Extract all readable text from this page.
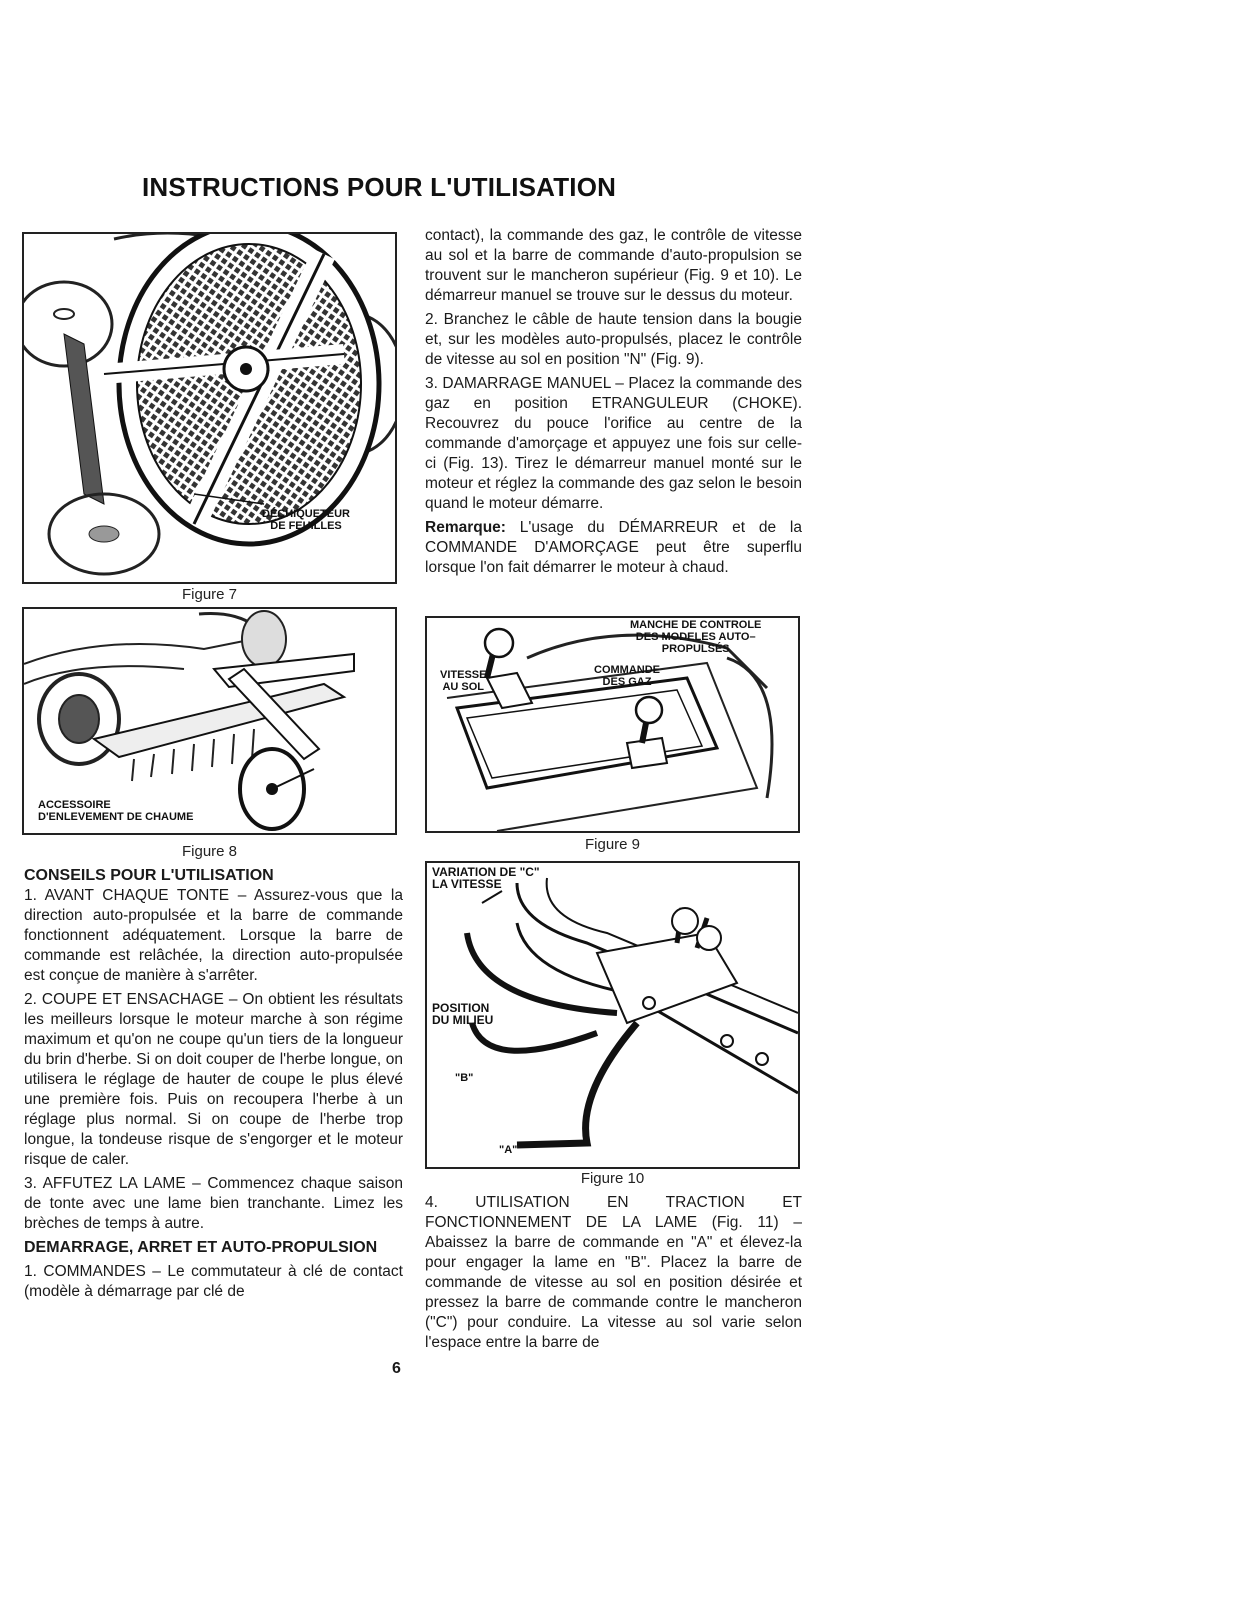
INSTRUCTIONS POUR L'UTILISATION
DÉCHIQUETEUR
DE FEUILLES
Figure 7
ACCESSOIRE
D'ENLEVEMENT DE CHAUME
Figure 8
CONSEILS POUR L'UTILISATION

1. AVANT CHAQUE TONTE – Assurez-vous que la direction auto-propulsée et la barre de commande fonctionnent adéquatement. Lorsque la barre de commande est relâchée, la direction auto-propulsée est conçue de manière à s'arrêter.

2. COUPE ET ENSACHAGE – On obtient les résultats les meilleurs lorsque le moteur marche à son régime maximum et qu'on ne coupe qu'un tiers de la longueur du brin d'herbe. Si on doit couper de l'herbe longue, on utilisera le réglage de hauter de coupe le plus élevé une première fois. Puis on recoupera l'herbe à un réglage plus normal. Si on coupe de l'herbe trop longue, la tondeuse risque de s'engorger et le moteur risque de caler.

3. AFFUTEZ LA LAME – Commencez chaque saison de tonte avec une lame bien tranchante. Limez les brèches de temps à autre.

DEMARRAGE, ARRET ET AUTO-PROPULSION

1. COMMANDES – Le commutateur à clé de contact (modèle à démarrage par clé de

6

contact), la commande des gaz, le contrôle de vitesse au sol et la barre de commande d'auto-propulsion se trouvent sur le mancheron supérieur (Fig. 9 et 10). Le démarreur manuel se trouve sur le dessus du moteur.

2. Branchez le câble de haute tension dans la bougie et, sur les modèles auto-propulsés, placez le contrôle de vitesse au sol en position "N" (Fig. 9).

3. DAMARRAGE MANUEL – Placez la commande des gaz en position ETRANGULEUR (CHOKE). Recouvrez du pouce l'orifice au centre de la commande d'amorçage et appuyez une fois sur celle-ci (Fig. 13). Tirez le démarreur manuel monté sur le moteur et réglez la commande des gaz selon le besoin quand le moteur démarre.

Remarque: L'usage du DÉMARREUR et de la COMMANDE D'AMORÇAGE peut être superflu lorsque l'on fait démarrer le moteur à chaud.

MANCHE DE CONTROLE
DES MODELES AUTO–
PROPULSÉS
VITESSE
AU SOL
COMMANDE
DES GAZ
Figure 9
VARIATION DE "C"
LA VITESSE
POSITION
DU MILIEU
"B"
"A"
Figure 10

4. UTILISATION EN TRACTION ET FONCTIONNEMENT DE LA LAME (Fig. 11) – Abaissez la barre de commande en "A" et élevez-la pour engager la lame en "B". Placez la barre de commande de vitesse au sol en position désirée et pressez la barre de commande contre le mancheron ("C") pour conduire. La vitesse au sol varie selon l'espace entre la barre de
